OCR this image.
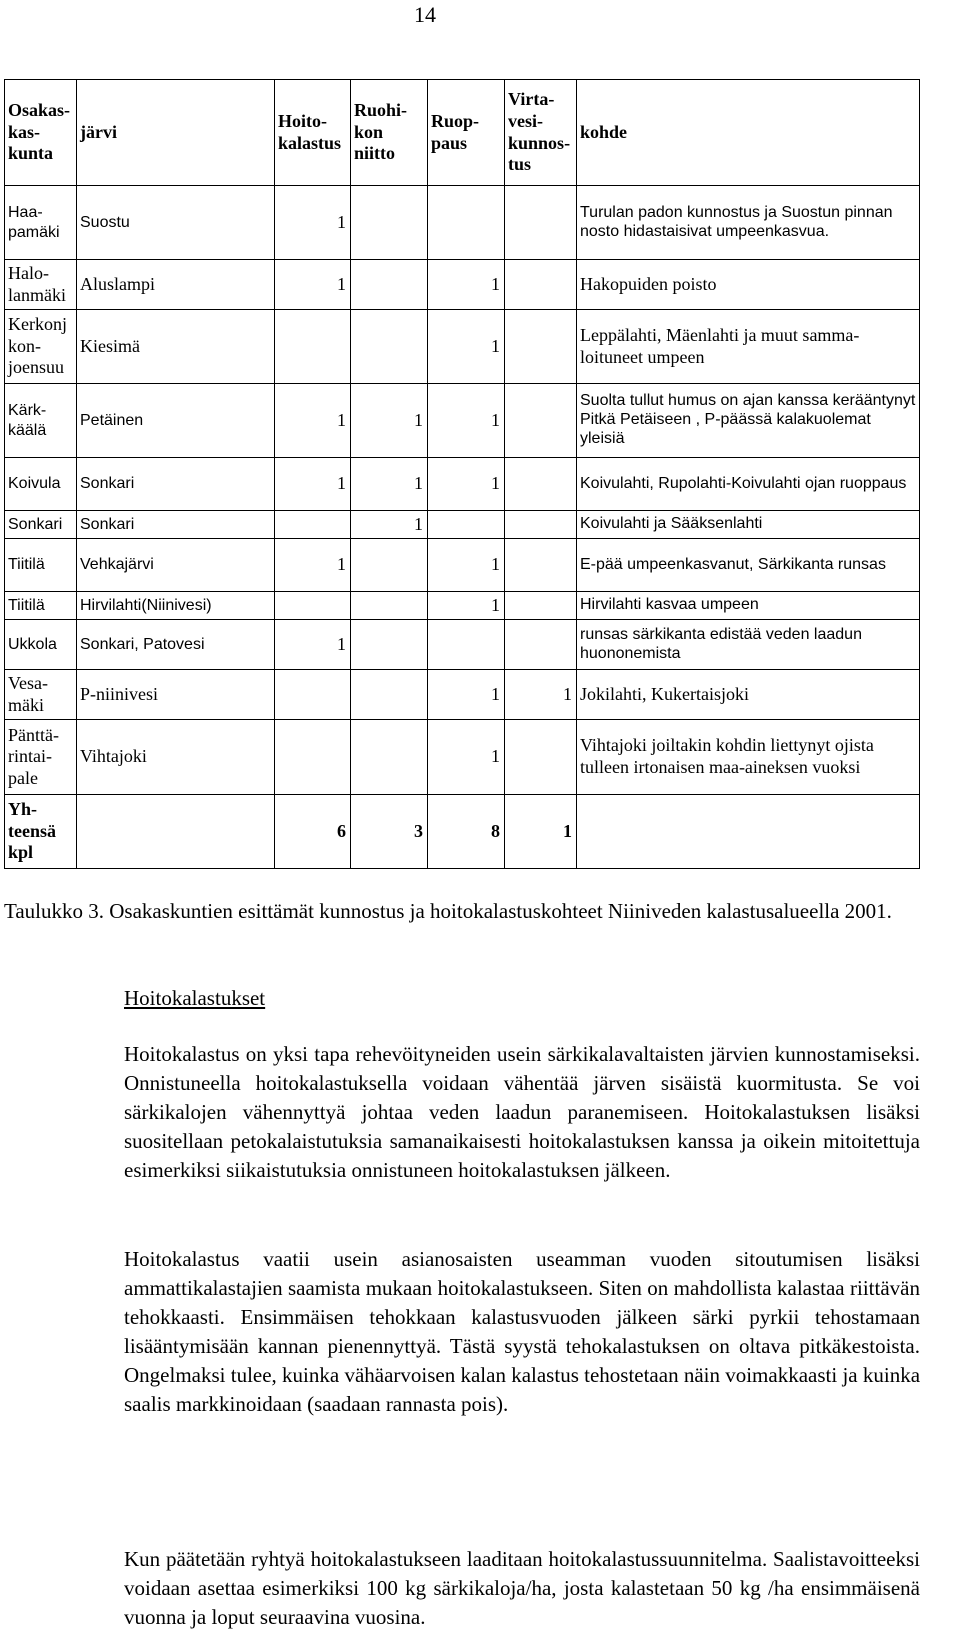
14
Osakaskaskunta	järvi	Hoitokalastus	Ruohikon niitto	Ruoppaus	Virtavesikunnostus	kohde
Haapamäki	Suostu	1				Turulan padon kunnostus ja Suostun pinnan nosto hidastaisivat umpeenkasvua.
Halolanmäki	Aluslampi	1		1		Hakopuiden poisto
Kerkonj konjoensuu	Kiesimä			1		Leppälahti, Mäenlahti ja muut sammaloituneet umpeen
Kärkkäälä	Petäinen	1	1	1		Suolta tullut humus on ajan kanssa kerääntynyt Pitkä Petäiseen , P-päässä kalakuolemat yleisiä
Koivula	Sonkari	1	1	1		Koivulahti, Rupolahti-Koivulahti ojan ruoppaus
Sonkari	Sonkari		1			Koivulahti ja Sääksenlahti
Tiitilä	Vehkajärvi	1		1		E-pää umpeenkasvanut, Särkikanta runsas
Tiitilä	Hirvilahti(Niinivesi)			1		Hirvilahti kasvaa umpeen
Ukkola	Sonkari, Patovesi	1				runsas särkikanta edistää veden laadun huononemista
Vesamäki	P-niinivesi			1	1	Jokilahti, Kukertaisjoki
Pänttärintaipale	Vihtajoki			1		Vihtajoki joiltakin kohdin liettynyt ojista tulleen irtonaisen maa-aineksen vuoksi
Yhteensä kpl		6	3	8	1	
Taulukko 3. Osakaskuntien esittämät kunnostus ja hoitokalastuskohteet Niiniveden kalastusalueella 2001.
Hoitokalastukset
Hoitokalastus on yksi tapa rehevöityneiden usein särkikalavaltaisten järvien kunnostamiseksi. Onnistuneella hoitokalastuksella voidaan vähentää järven sisäistä kuormitusta. Se voi särkikalojen vähennyttyä johtaa veden laadun paranemiseen. Hoitokalastuksen lisäksi suositellaan petokalaistutuksia samanaikaisesti hoitokalastuksen kanssa ja oikein mitoitettuja esimerkiksi siikaistutuksia onnistuneen hoitokalastuksen jälkeen.
Hoitokalastus vaatii usein asianosaisten useamman vuoden sitoutumisen lisäksi ammattikalastajien saamista mukaan hoitokalastukseen. Siten on mahdollista kalastaa riittävän tehokkaasti. Ensimmäisen tehokkaan kalastusvuoden jälkeen särki pyrkii tehostamaan lisääntymisään kannan pienennyttyä. Tästä syystä tehokalastuksen on oltava pitkäkestoista. Ongelmaksi tulee, kuinka vähäarvoisen kalan kalastus tehostetaan näin voimakkaasti ja kuinka saalis markkinoidaan (saadaan rannasta pois).
Kun päätetään ryhtyä hoitokalastukseen laaditaan hoitokalastussuunnitelma. Saalistavoitteeksi voidaan asettaa esimerkiksi 100 kg särkikaloja/ha, josta kalastetaan 50 kg /ha ensimmäisenä vuonna ja loput seuraavina vuosina.
